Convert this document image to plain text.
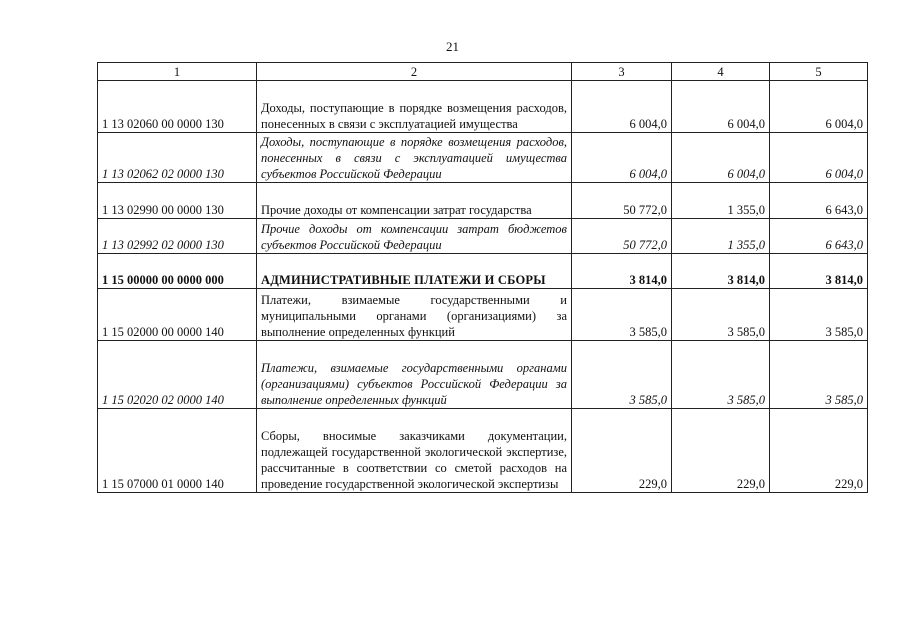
21
1	2	3	4	5
1 13 02060 00 0000 130	Доходы, поступающие в порядке возмещения расходов, понесенных в связи с эксплуатацией имущества	6 004,0	6 004,0	6 004,0
1 13 02062 02 0000 130	Доходы, поступающие в порядке возмещения расходов, понесенных в связи с эксплуатацией имущества субъектов Российской Федерации	6 004,0	6 004,0	6 004,0
1 13 02990 00 0000 130	Прочие доходы от компенсации затрат государства	50 772,0	1 355,0	6 643,0
1 13 02992 02 0000 130	Прочие доходы от компенсации затрат бюджетов субъектов Российской Федерации	50 772,0	1 355,0	6 643,0
1 15 00000 00 0000 000	АДМИНИСТРАТИВНЫЕ ПЛАТЕЖИ И СБОРЫ	3 814,0	3 814,0	3 814,0
1 15 02000 00 0000 140	Платежи, взимаемые государственными и муниципальными органами (организациями) за выполнение определенных функций	3 585,0	3 585,0	3 585,0
1 15 02020 02 0000 140	Платежи, взимаемые государственными органами (организациями) субъектов Российской Федерации за выполнение определенных функций	3 585,0	3 585,0	3 585,0
1 15 07000 01 0000 140	Сборы, вносимые заказчиками документации, подлежащей государственной экологической экспертизе, рассчитанные в соответствии со сметой расходов на проведение государственной экологической экспертизы	229,0	229,0	229,0
